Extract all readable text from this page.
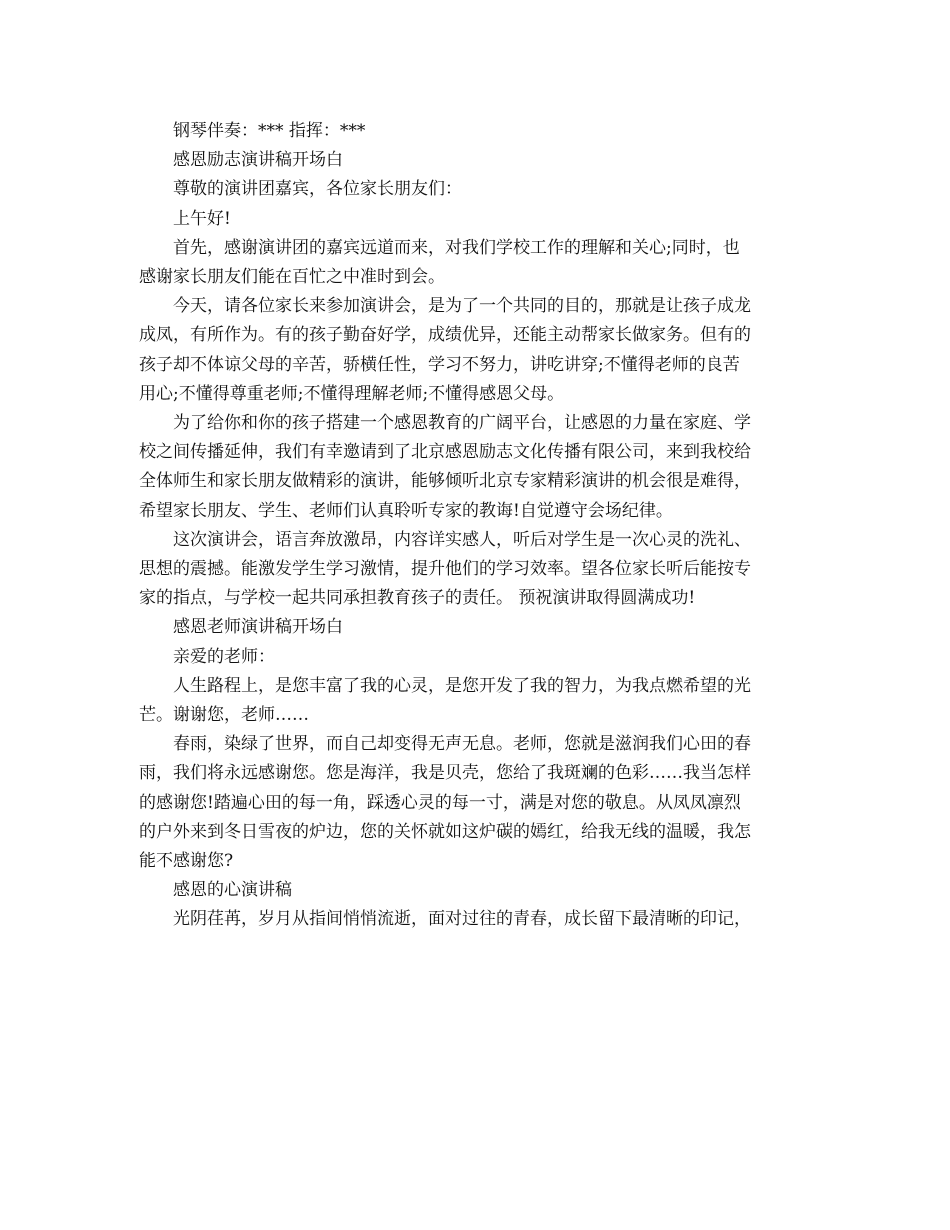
钢琴伴奏：*** 指挥：***
感恩励志演讲稿开场白
尊敬的演讲团嘉宾，各位家长朋友们：
上午好!
首先，感谢演讲团的嘉宾远道而来，对我们学校工作的理解和关心;同时，也
感谢家长朋友们能在百忙之中准时到会。
今天，请各位家长来参加演讲会，是为了一个共同的目的，那就是让孩子成龙
成凤，有所作为。有的孩子勤奋好学，成绩优异，还能主动帮家长做家务。但有的
孩子却不体谅父母的辛苦，骄横任性，学习不努力，讲吃讲穿;不懂得老师的良苦
用心;不懂得尊重老师;不懂得理解老师;不懂得感恩父母。
为了给你和你的孩子搭建一个感恩教育的广阔平台，让感恩的力量在家庭、学
校之间传播延伸，我们有幸邀请到了北京感恩励志文化传播有限公司，来到我校给
全体师生和家长朋友做精彩的演讲，能够倾听北京专家精彩演讲的机会很是难得，
希望家长朋友、学生、老师们认真聆听专家的教诲!自觉遵守会场纪律。
这次演讲会，语言奔放激昂，内容详实感人，听后对学生是一次心灵的洗礼、
思想的震撼。能激发学生学习激情，提升他们的学习效率。望各位家长听后能按专
家的指点，与学校一起共同承担教育孩子的责任。 预祝演讲取得圆满成功!
感恩老师演讲稿开场白
亲爱的老师：
人生路程上，是您丰富了我的心灵，是您开发了我的智力，为我点燃希望的光
芒。谢谢您，老师……
春雨，染绿了世界，而自己却变得无声无息。老师，您就是滋润我们心田的春
雨，我们将永远感谢您。您是海洋，我是贝壳，您给了我斑斓的色彩……我当怎样
的感谢您!踏遍心田的每一角，踩透心灵的每一寸，满是对您的敬息。从凤凤凛烈
的户外来到冬日雪夜的炉边，您的关怀就如这炉碳的嫣红，给我无线的温暖，我怎
能不感谢您?
感恩的心演讲稿
光阴荏苒，岁月从指间悄悄流逝，面对过往的青春，成长留下最清晰的印记，
